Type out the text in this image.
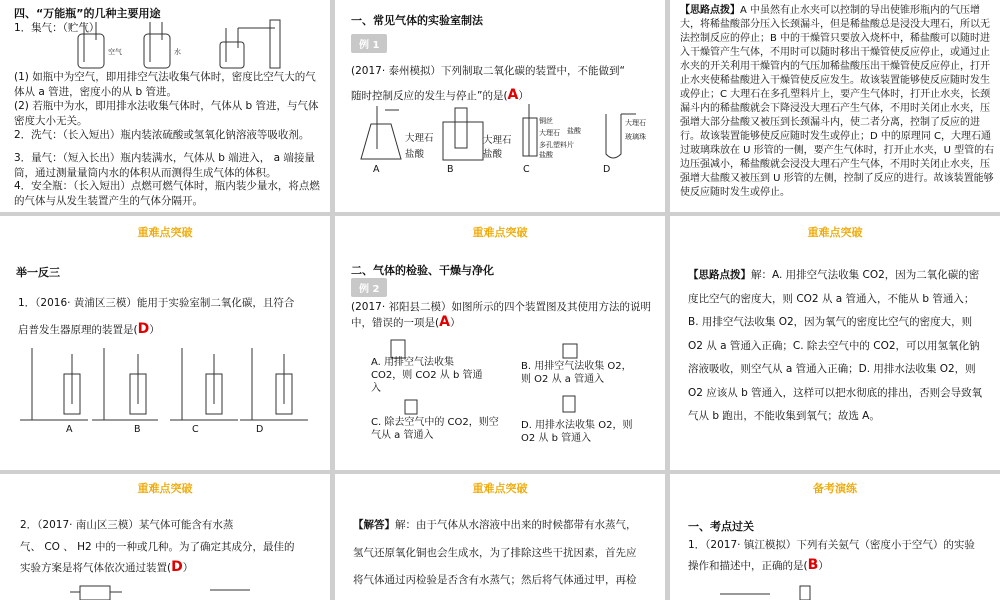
四、“万能瓶”的几种主要用途
1．集气：（贮气）
空气	水
(1) 如瓶中为空气，即用排空气法收集气体时，密度比空气大的气体从 a 管进，密度小的从 b 管进。
(2) 若瓶中为水，即用排水法收集气体时，气体从 b 管进，与气体密度大小无关。
2．洗气：（长入短出）瓶内装浓硫酸或氢氧化钠溶液等吸收剂。
3．量气：（短入长出）瓶内装满水，气体从 b 端进入， a 端接量筒，通过测量量筒内水的体积从而测得生成气体的体积。
4．安全瓶：（长入短出）点燃可燃气体时，瓶内装少量水，将点燃的气体与从发生装置产生的气体分隔开。
一、常见气体的实验室制法
例 1
(2017· 泰州模拟）下列制取二氧化碳的装置中，不能做到“
随时控制反应的发生与停止”的是(A）
大理石
盐酸
大理石
盐酸
铜丝
大理石
多孔塑料片
盐酸
盐酸
大理石
玻璃珠
A	B	C	D
【思路点拨】A 中虽然有止水夹可以控制的导出使锥形瓶内的气压增大，将稀盐酸部分压入长颈漏斗，但是稀盐酸总是浸没大理石，所以无法控制反应的停止；B 中的干燥管只要放入烧杯中，稀盐酸可以随时进入干燥管产生气体，不用时可以随时移出干燥管使反应停止，或通过止水夹的开关利用干燥管内的气压加稀盐酸压出干燥管使反应停止，打开止水夹使稀盐酸进入干燥管使反应发生。故该装置能够使反应随时发生或停止；C 大理石在多孔塑料片上，要产生气体时，打开止水夹，长颈漏斗内的稀盐酸就会下降浸没大理石产生气体，不用时关闭止水夹，压强增大部分盐酸又被压到长颈漏斗内，使二者分离，控制了反应的进行。故该装置能够使反应随时发生或停止；D 中的原理同 C，大理石通过玻璃珠放在 U 形管的一侧，要产生气体时，打开止水夹，U 型管的右边压强减小，稀盐酸就会浸没大理石产生气体，不用时关闭止水夹，压强增大盐酸又被压到 U 形管的左侧，控制了反应的进行。故该装置能够使反应随时发生或停止。
重难点突破
举一反三
1．（2016· 黄浦区三模）能用于实验室制二氧化碳，且符合
启普发生器原理的装置是(D）
A	B	C	D
重难点突破
二、气体的检验、干燥与净化
例 2
(2017· 祁阳县二模）如图所示的四个装置图及其使用方法的说明中，错误的一项是(A）
A. 用排空气法收集 CO2，则 CO2 从 b 管通入
B. 用排空气法收集 O2，则 O2 从 a 管通入
C. 除去空气中的 CO2，则空气从 a 管通入
D. 用排水法收集 O2，则 O2 从 b 管通入
重难点突破
【思路点拨】解：A. 用排空气法收集 CO2，因为二氧化碳的密度比空气的密度大，则 CO2 从 a 管通入，不能从 b 管通入；B. 用排空气法收集 O2，因为氧气的密度比空气的密度大，则 O2 从 a 管通入正确；C. 除去空气中的 CO2，可以用氢氧化钠溶液吸收，则空气从 a 管通入正确；D. 用排水法收集 O2，则 O2 应该从 b 管通入，这样可以把水彻底的排出，否则会导致氧气从 b 跑出，不能收集到氧气；故选 A。
重难点突破
2．（2017· 南山区三模）某气体可能含有水蒸
气、 CO 、 H2 中的一种或几种。为了确定其成分，最佳的
实验方案是将气体依次通过装置(D）
重难点突破
【解答】解：由于气体从水溶液中出来的时候都带有水蒸气，
氢气还原氧化铜也会生成水，为了排除这些干扰因素，首先应
将气体通过丙检验是否含有水蒸气；然后将气体通过甲，再检
备考演练
一、考点过关
1．（2017· 镇江模拟）下列有关氨气（密度小于空气）的实验
操作和描述中，正确的是(B）
